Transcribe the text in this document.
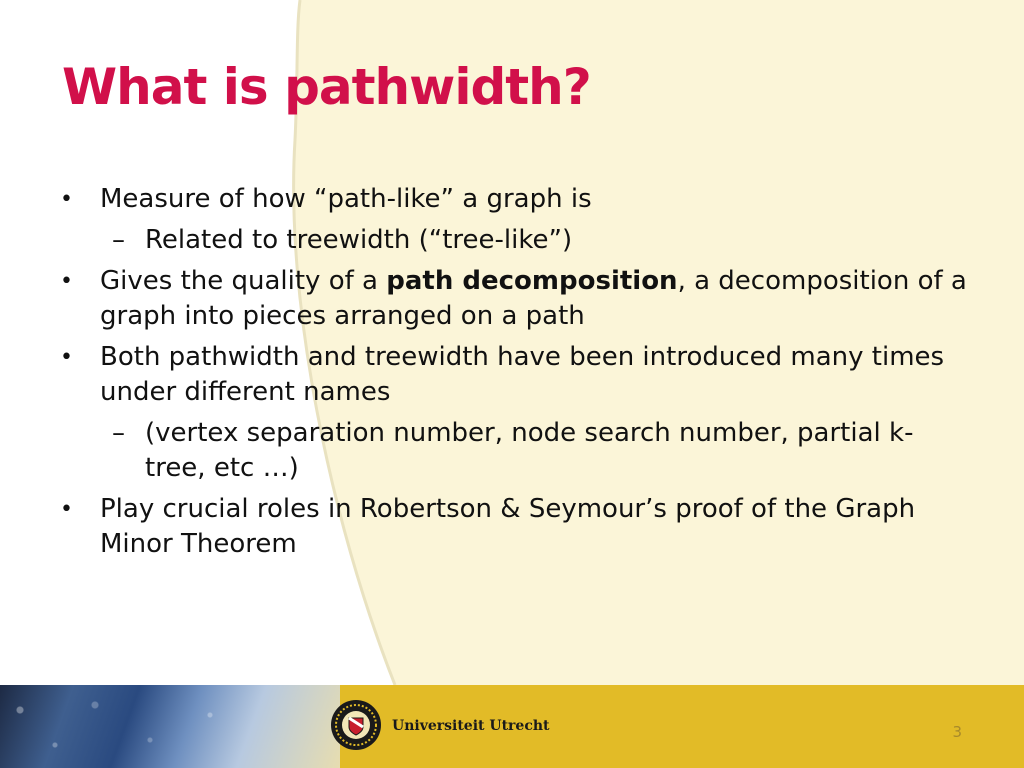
What is pathwidth?
• Measure of how “path-like” a graph is
– Related to treewidth (“tree-like”)
• Gives the quality of a path decomposition, a decomposition of a graph into pieces arranged on a path
• Both pathwidth and treewidth have been introduced many times under different names
– (vertex separation number, node search number, partial k-tree, etc …)
• Play crucial roles in Robertson & Seymour’s proof of the Graph Minor Theorem
Universiteit Utrecht	3
